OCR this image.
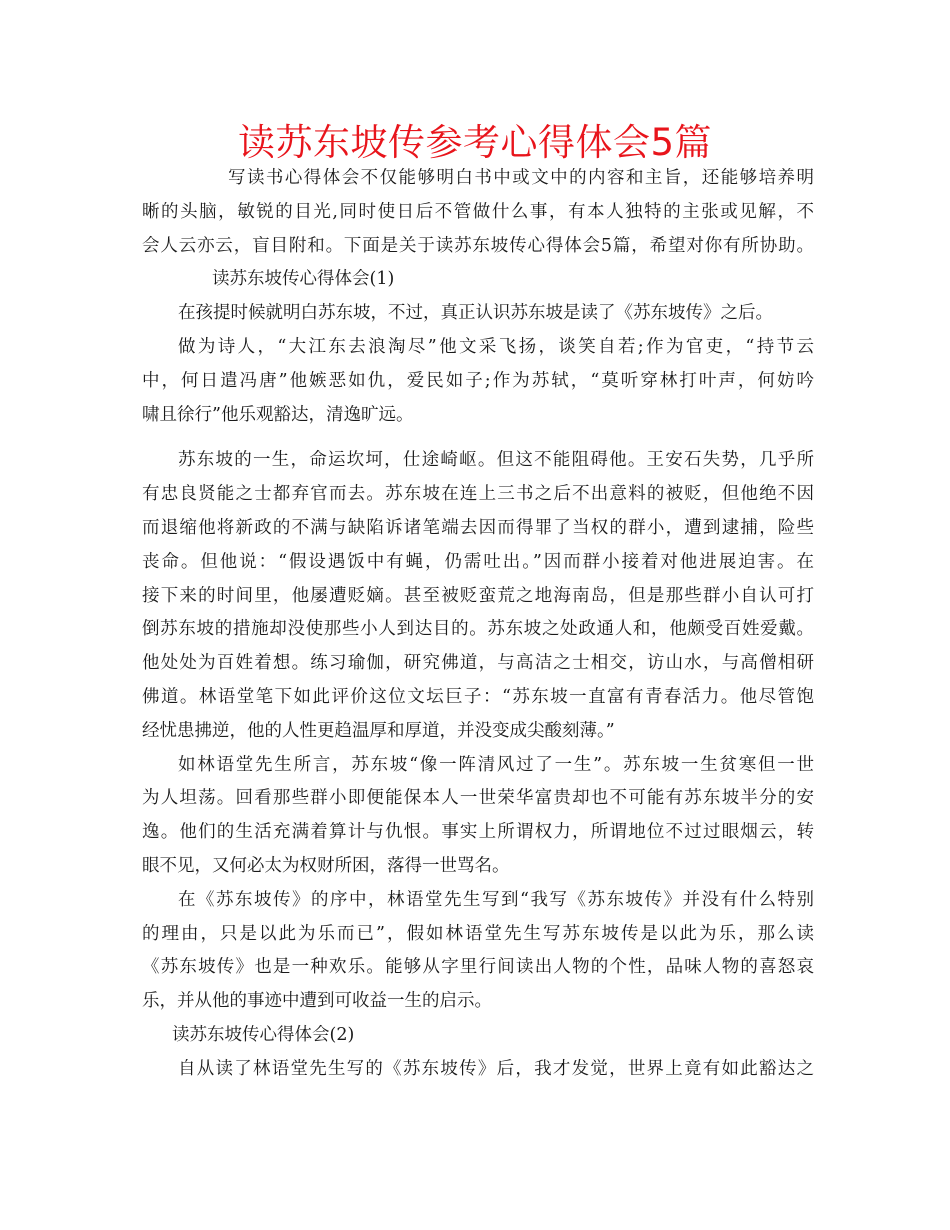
读苏东坡传参考心得体会5篇
写读书心得体会不仅能够明白书中或文中的内容和主旨，还能够培养明
晰的头脑，敏锐的目光,同时使日后不管做什么事，有本人独特的主张或见解，不
会人云亦云，盲目附和。下面是关于读苏东坡传心得体会5篇，希望对你有所协助。
读苏东坡传心得体会(1)
在孩提时候就明白苏东坡，不过，真正认识苏东坡是读了《苏东坡传》之后。
做为诗人，“大江东去浪淘尽”他文采飞扬，谈笑自若;作为官吏，“持节云
中，何日遣冯唐”他嫉恶如仇，爱民如子;作为苏轼，“莫听穿林打叶声，何妨吟
啸且徐行”他乐观豁达，清逸旷远。
苏东坡的一生，命运坎坷，仕途崎岖。但这不能阻碍他。王安石失势，几乎所
有忠良贤能之士都弃官而去。苏东坡在连上三书之后不出意料的被贬，但他绝不因
而退缩他将新政的不满与缺陷诉诸笔端去因而得罪了当权的群小，遭到逮捕，险些
丧命。但他说：“假设遇饭中有蝇，仍需吐出。”因而群小接着对他进展迫害。在
接下来的时间里，他屡遭贬嫡。甚至被贬蛮荒之地海南岛，但是那些群小自认可打
倒苏东坡的措施却没使那些小人到达目的。苏东坡之处政通人和，他颇受百姓爱戴。
他处处为百姓着想。练习瑜伽，研究佛道，与高洁之士相交，访山水，与高僧相研
佛道。林语堂笔下如此评价这位文坛巨子：“苏东坡一直富有青春活力。他尽管饱
经忧患拂逆，他的人性更趋温厚和厚道，并没变成尖酸刻薄。”
如林语堂先生所言，苏东坡“像一阵清风过了一生”。苏东坡一生贫寒但一世
为人坦荡。回看那些群小即便能保本人一世荣华富贵却也不可能有苏东坡半分的安
逸。他们的生活充满着算计与仇恨。事实上所谓权力，所谓地位不过过眼烟云，转
眼不见，又何必太为权财所困，落得一世骂名。
在《苏东坡传》的序中，林语堂先生写到“我写《苏东坡传》并没有什么特别
的理由，只是以此为乐而已”，假如林语堂先生写苏东坡传是以此为乐，那么读
《苏东坡传》也是一种欢乐。能够从字里行间读出人物的个性，品味人物的喜怒哀
乐，并从他的事迹中遭到可收益一生的启示。
读苏东坡传心得体会(2)
自从读了林语堂先生写的《苏东坡传》后，我才发觉，世界上竟有如此豁达之
